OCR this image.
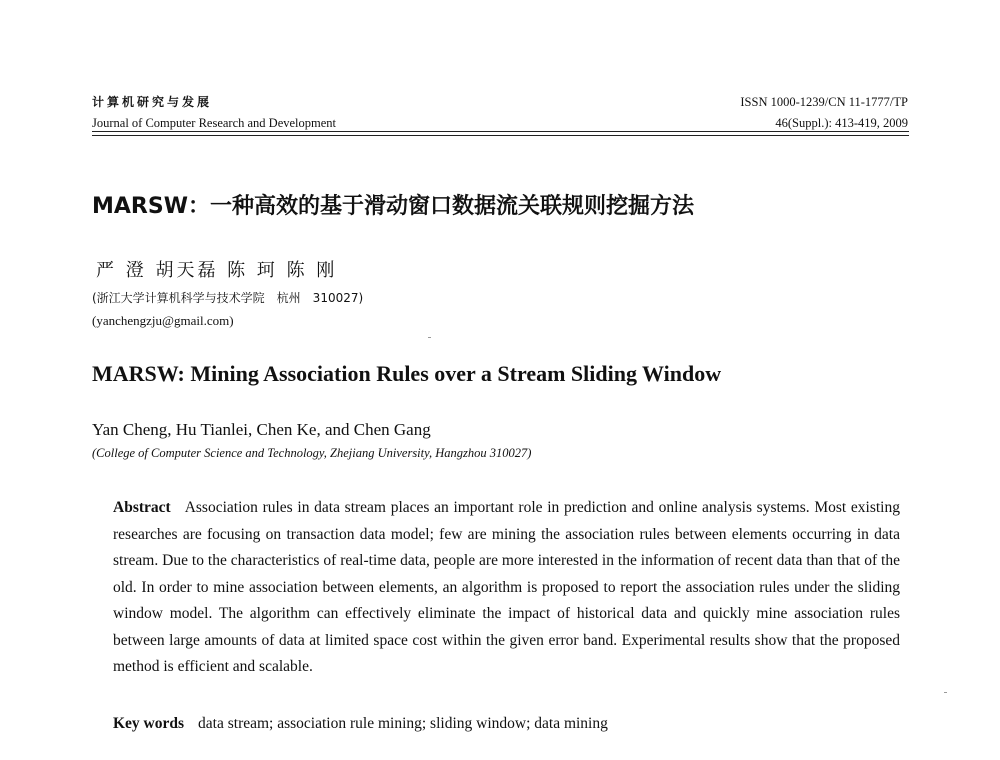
计算机研究与发展	ISSN 1000-1239/CN 11-1777/TP
Journal of Computer Research and Development	46(Suppl.): 413-419, 2009
MARSW：一种高效的基于滑动窗口数据流关联规则挖掘方法
严 澄 胡天磊 陈 珂 陈 刚
(浙江大学计算机科学与技术学院　杭州　310027)
(yanchengzju@gmail.com)
MARSW: Mining Association Rules over a Stream Sliding Window
Yan Cheng, Hu Tianlei, Chen Ke, and Chen Gang
(College of Computer Science and Technology, Zhejiang University, Hangzhou 310027)
Abstract Association rules in data stream places an important role in prediction and online analysis systems. Most existing researches are focusing on transaction data model; few are mining the association rules between elements occurring in data stream. Due to the characteristics of real-time data, people are more interested in the information of recent data than that of the old. In order to mine association between elements, an algorithm is proposed to report the association rules under the sliding window model. The algorithm can effectively eliminate the impact of historical data and quickly mine association rules between large amounts of data at limited space cost within the given error band. Experimental results show that the proposed method is efficient and scalable.
Key words data stream; association rule mining; sliding window; data mining
